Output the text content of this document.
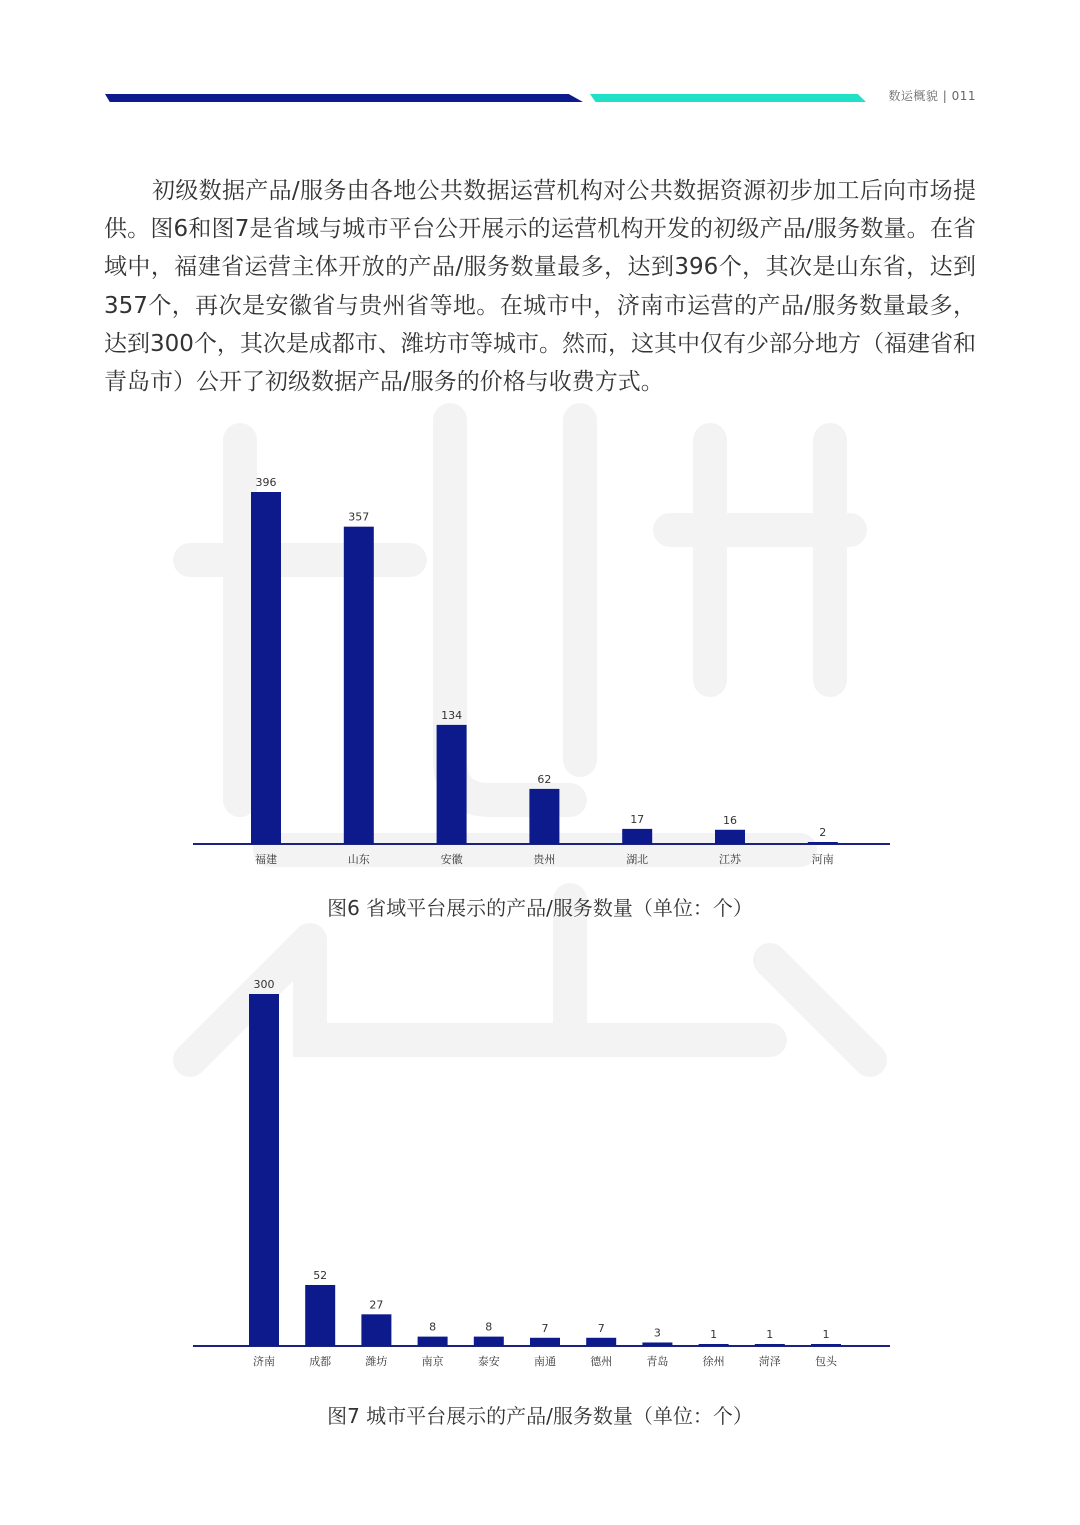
数运概貌 | 011

初级数据产品/服务由各地公共数据运营机构对公共数据资源初步加工后向市场提供。图6和图7是省域与城市平台公开展示的运营机构开发的初级产品/服务数量。在省域中，福建省运营主体开放的产品/服务数量最多，达到396个，其次是山东省，达到357个，再次是安徽省与贵州省等地。在城市中，济南市运营的产品/服务数量最多，达到300个，其次是成都市、潍坊市等城市。然而，这其中仅有少部分地方（福建省和青岛市）公开了初级数据产品/服务的价格与收费方式。

396
福建
357
山东
134
安徽
62
贵州
17
湖北
16
江苏
2
河南
图6 省域平台展示的产品/服务数量（单位：个）
300
济南
52
成都
27
潍坊
8
南京
8
泰安
7
南通
7
德州
3
青岛
1
徐州
1
菏泽
1
包头
图7 城市平台展示的产品/服务数量（单位：个）
